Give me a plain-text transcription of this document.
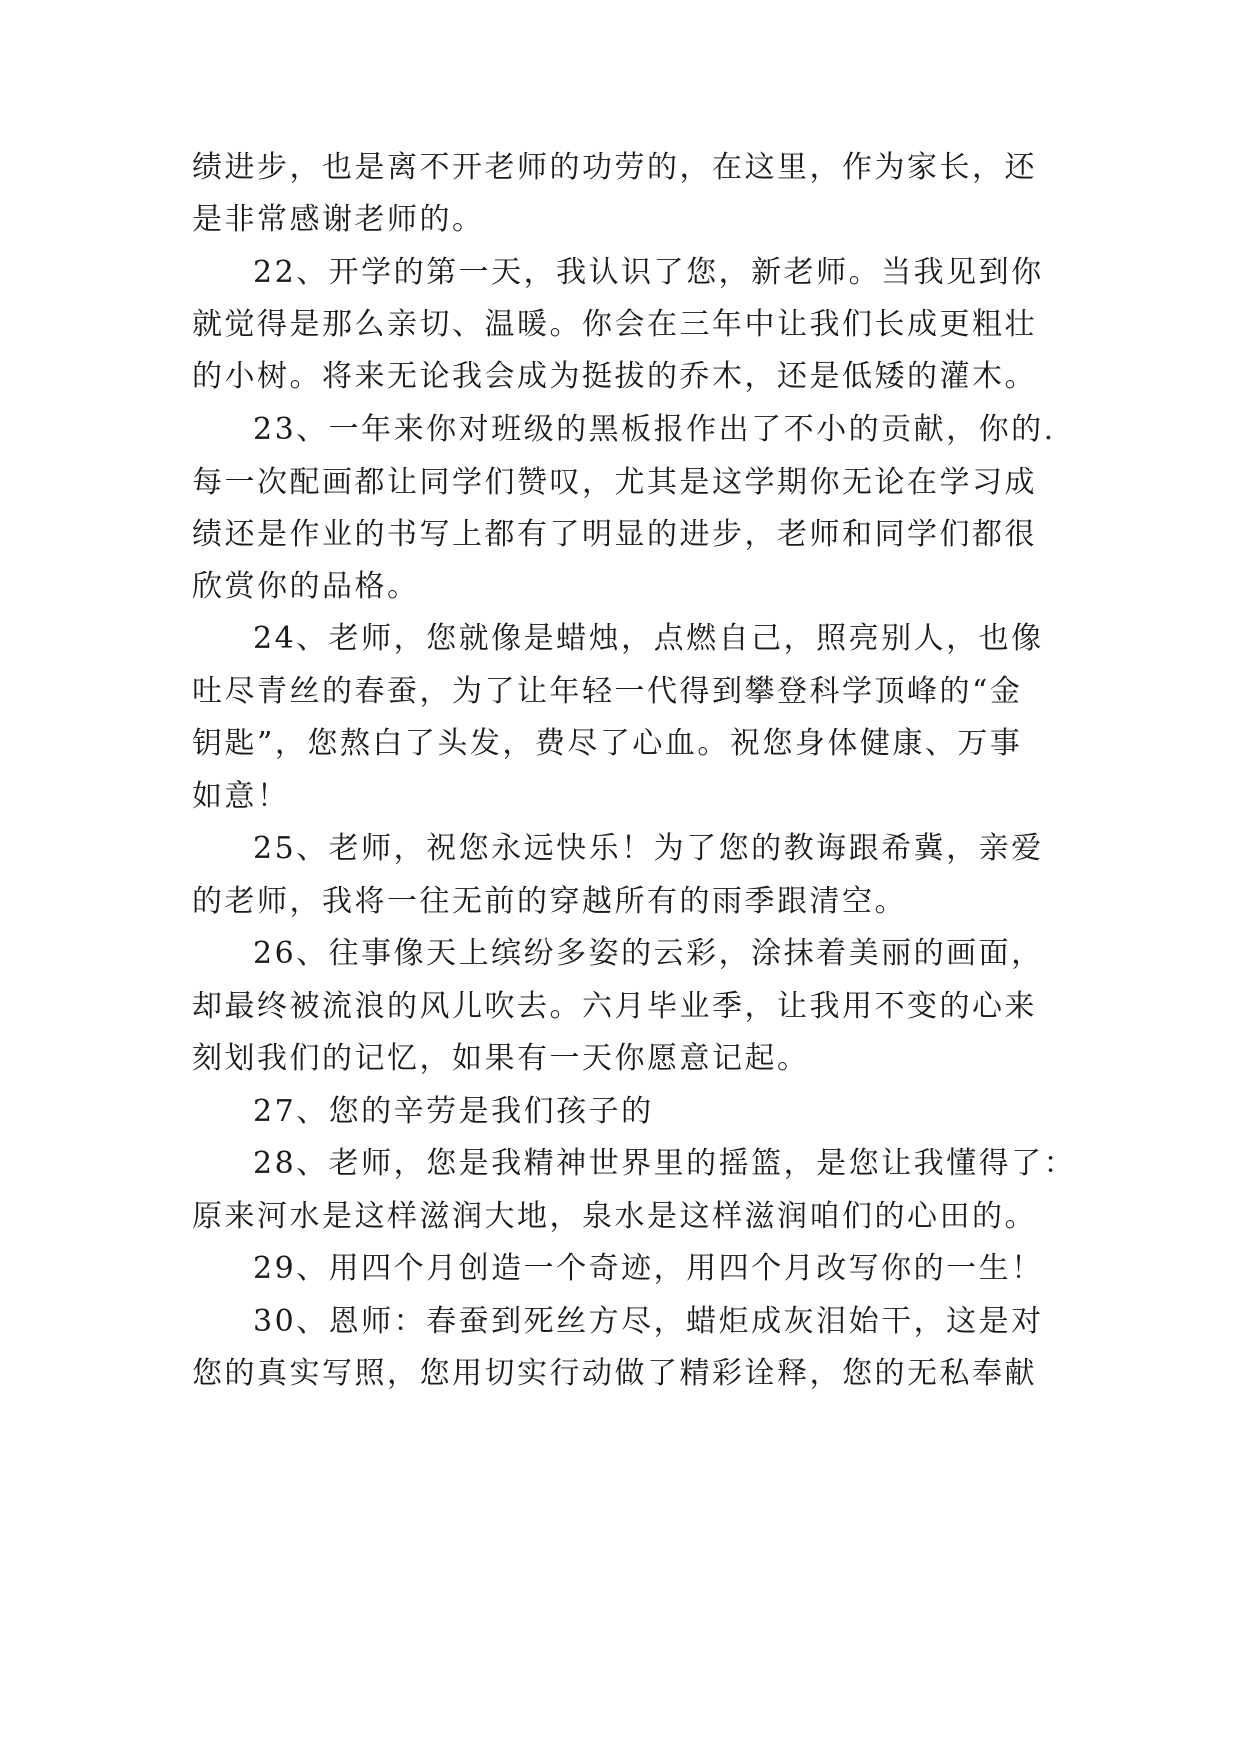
绩进步，也是离不开老师的功劳的，在这里，作为家长，还
是非常感谢老师的。
22、开学的第一天，我认识了您，新老师。当我见到你
就觉得是那么亲切、温暖。你会在三年中让我们长成更粗壮
的小树。将来无论我会成为挺拔的乔木，还是低矮的灌木。
23、一年来你对班级的黑板报作出了不小的贡献，你的.
每一次配画都让同学们赞叹，尤其是这学期你无论在学习成
绩还是作业的书写上都有了明显的进步，老师和同学们都很
欣赏你的品格。
24、老师，您就像是蜡烛，点燃自己，照亮别人，也像
吐尽青丝的春蚕，为了让年轻一代得到攀登科学顶峰的“金
钥匙”，您熬白了头发，费尽了心血。祝您身体健康、万事
如意！
25、老师，祝您永远快乐！为了您的教诲跟希冀，亲爱
的老师，我将一往无前的穿越所有的雨季跟清空。
26、往事像天上缤纷多姿的云彩，涂抹着美丽的画面，
却最终被流浪的风儿吹去。六月毕业季，让我用不变的心来
刻划我们的记忆，如果有一天你愿意记起。
27、您的辛劳是我们孩子的
28、老师，您是我精神世界里的摇篮，是您让我懂得了：
原来河水是这样滋润大地，泉水是这样滋润咱们的心田的。
29、用四个月创造一个奇迹，用四个月改写你的一生！
30、恩师：春蚕到死丝方尽，蜡炬成灰泪始干，这是对
您的真实写照，您用切实行动做了精彩诠释，您的无私奉献
